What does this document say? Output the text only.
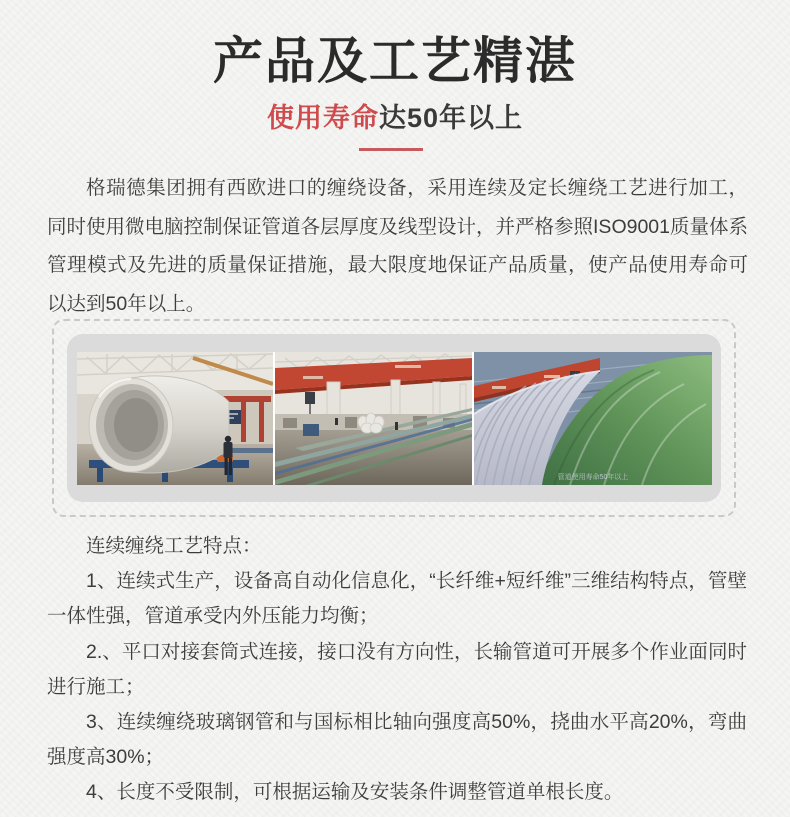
产品及工艺精湛
使用寿命达50年以上

格瑞德集团拥有西欧进口的缠绕设备，采用连续及定长缠绕工艺进行加工，同时使用微电脑控制保证管道各层厚度及线型设计，并严格参照ISO9001质量体系管理模式及先进的质量保证措施，最大限度地保证产品质量，使产品使用寿命可以达到50年以上。

管道使用寿命50年以上

连续缠绕工艺特点：

1、连续式生产，设备高自动化信息化，“长纤维+短纤维”三维结构特点，管壁一体性强，管道承受内外压能力均衡；

2.、平口对接套筒式连接，接口没有方向性，长输管道可开展多个作业面同时进行施工；

3、连续缠绕玻璃钢管和与国标相比轴向强度高50%，挠曲水平高20%，弯曲强度高30%；

4、长度不受限制，可根据运输及安装条件调整管道单根长度。
